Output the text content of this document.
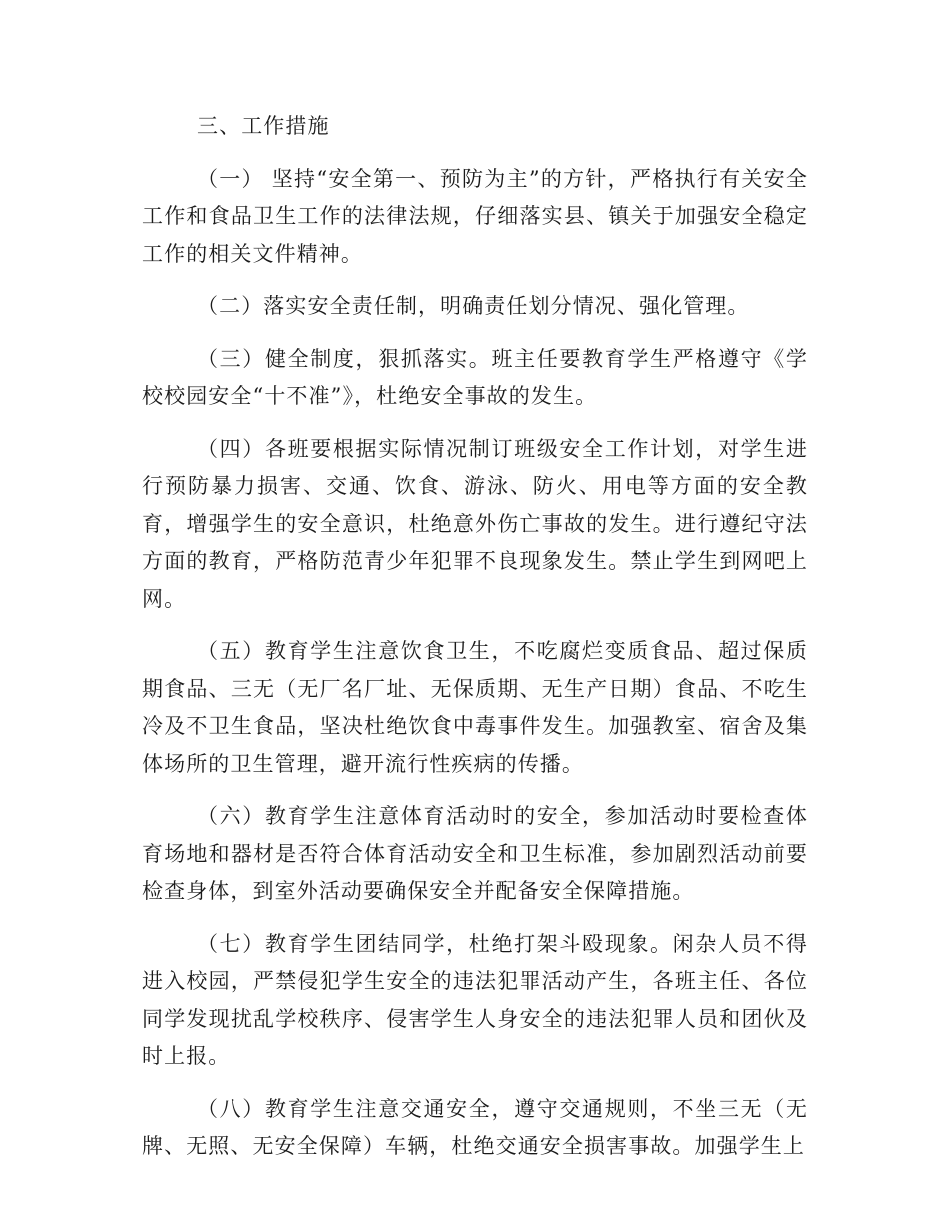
三、工作措施

（一） 坚持“安全第一、预防为主”的方针，严格执行有关安全工作和食品卫生工作的法律法规，仔细落实县、镇关于加强安全稳定工作的相关文件精神。

（二）落实安全责任制，明确责任划分情况、强化管理。

（三）健全制度，狠抓落实。班主任要教育学生严格遵守《学校校园安全“十不准”》，杜绝安全事故的发生。

（四）各班要根据实际情况制订班级安全工作计划，对学生进行预防暴力损害、交通、饮食、游泳、防火、用电等方面的安全教育，增强学生的安全意识，杜绝意外伤亡事故的发生。进行遵纪守法方面的教育，严格防范青少年犯罪不良现象发生。禁止学生到网吧上网。

（五）教育学生注意饮食卫生，不吃腐烂变质食品、超过保质期食品、三无（无厂名厂址、无保质期、无生产日期）食品、不吃生冷及不卫生食品，坚决杜绝饮食中毒事件发生。加强教室、宿舍及集体场所的卫生管理，避开流行性疾病的传播。

（六）教育学生注意体育活动时的安全，参加活动时要检查体育场地和器材是否符合体育活动安全和卫生标准，参加剧烈活动前要检查身体，到室外活动要确保安全并配备安全保障措施。

（七）教育学生团结同学，杜绝打架斗殴现象。闲杂人员不得进入校园，严禁侵犯学生安全的违法犯罪活动产生，各班主任、各位同学发现扰乱学校秩序、侵害学生人身安全的违法犯罪人员和团伙及时上报。

（八）教育学生注意交通安全，遵守交通规则，不坐三无（无牌、无照、无安全保障）车辆，杜绝交通安全损害事故。加强学生上
